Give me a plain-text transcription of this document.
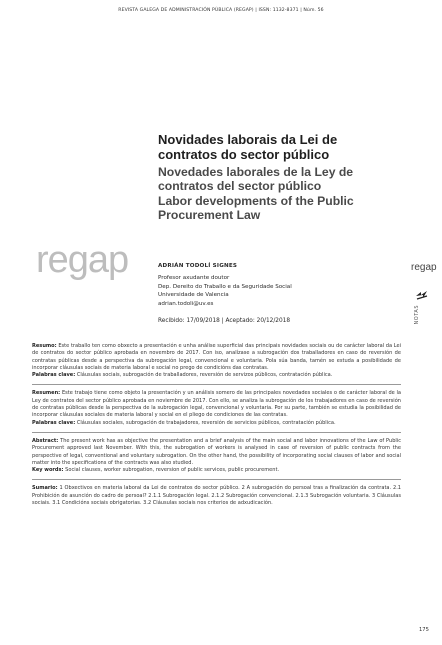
REVISTA GALEGA DE ADMINISTRACIÓN PÚBLICA (REGAP) | ISSN: 1132-8371 | Núm. 56
Novidades laborais da Lei de contratos do sector público
Novedades laborales de la Ley de contratos del sector público
Labor developments of the Public Procurement Law
regap	ADRIÁN TODOLÍ SIGNES

Profesor axudante doutor

Dep. Dereito do Traballo e da Seguridade Social

Universidade de Valencia

adrian.todoli@uv.es

Recibido: 17/09/2018 | Aceptado: 20/12/2018

regap
NOTAS

Resumo: Este traballo ten como obxecto a presentación e unha análise superficial das principais novidades sociais ou de carácter laboral da Lei de contratos do sector público aprobada en novembro de 2017. Con iso, analízase a subrogación dos traballadores en caso de reversión de contratas públicas desde a perspectiva da subrogación legal, convencional e voluntaria. Pola súa banda, tamén se estuda a posibilidade de incorporar cláusulas sociais de materia laboral e social no prego de condicións das contratas.

Palabras clave: Cláusulas sociais, subrogación de traballadores, reversión de servizos públicos, contratación pública.

Resumen: Este trabajo tiene como objeto la presentación y un análisis somero de las principales novedades sociales o de carácter laboral de la Ley de contratos del sector público aprobada en noviembre de 2017. Con ello, se analiza la subrogación de los trabajadores en caso de reversión de contratas públicas desde la perspectiva de la subrogación legal, convencional y voluntaria. Por su parte, también se estudia la posibilidad de incorporar cláusulas sociales de materia laboral y social en el pliego de condiciones de las contratas.

Palabras clave: Cláusulas sociales, subrogación de trabajadores, reversión de servicios públicos, contratación pública.

Abstract: The present work has as objective the presentation and a brief analysis of the main social and labor innovations of the Law of Public Procurement approved last November. With this, the subrogation of workers is analysed in case of reversion of public contracts from the perspective of legal, conventional and voluntary subrogation. On the other hand, the possibility of incorporating social clauses of labor and social matter into the specifications of the contracts was also studied.

Key words: Social clauses, worker subrogation, reversion of public services, public procurement.

Sumario: 1 Obxectivos en materia laboral da Lei de contratos do sector público. 2 A subrogación do persoal tras a finalización da contrata. 2.1 Prohibición de asunción do cadro de persoal? 2.1.1 Subrogación legal. 2.1.2 Subrogación convencional. 2.1.3 Subrogación voluntaria. 3 Cláusulas sociais. 3.1 Condicións sociais obrigatorias. 3.2 Cláusulas sociais nos criterios de adxudicación.

175
